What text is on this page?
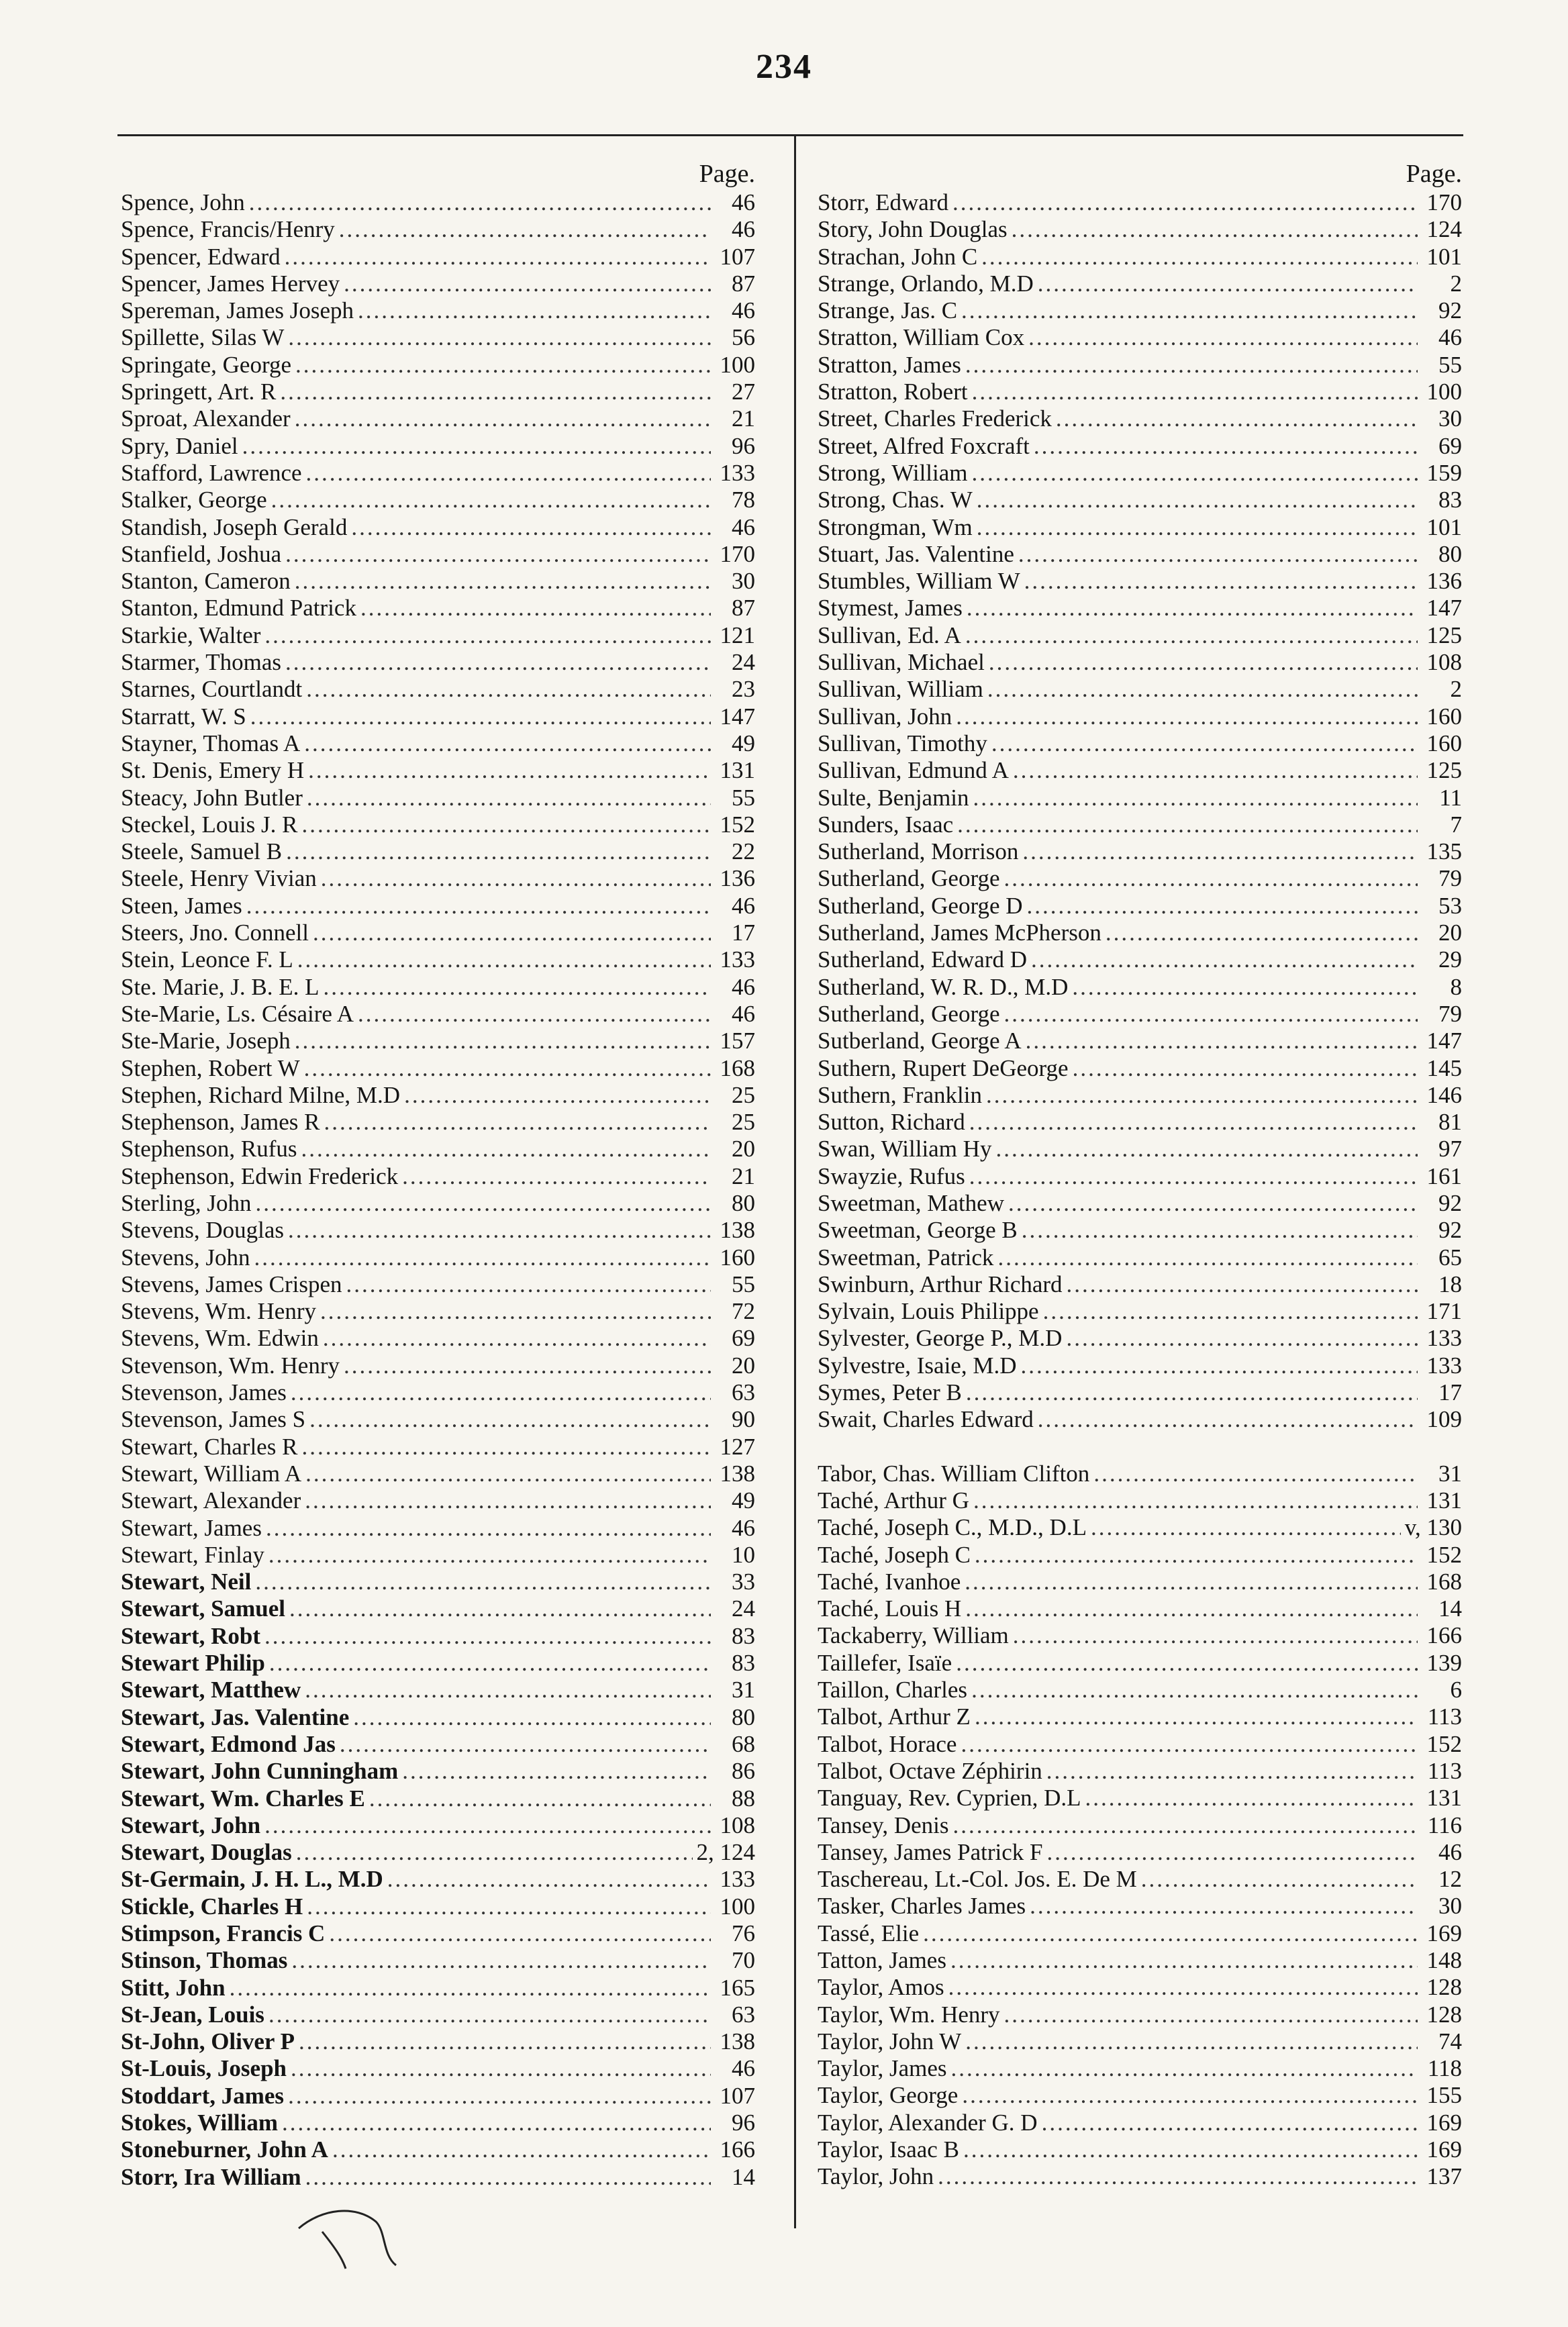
234
Page.
Spence, John .....	46
Spence, Francis/Henry .....	46
Spencer, Edward .....	107
Spencer, James Hervey .....	87
Spereman, James Joseph .....	46
Spillette, Silas W .....	56
Springate, George .....	100
Springett, Art. R .....	27
Sproat, Alexander .....	21
Spry, Daniel .....	96
Stafford, Lawrence .....	133
Stalker, George .....	78
Standish, Joseph Gerald .....	46
Stanfield, Joshua .....	170
Stanton, Cameron .....	30
Stanton, Edmund Patrick .....	87
Starkie, Walter .....	121
Starmer, Thomas .....	24
Starnes, Courtlandt .....	23
Starratt, W. S .....	147
Stayner, Thomas A .....	49
St. Denis, Emery H .....	131
Steacy, John Butler .....	55
Steckel, Louis J. R .....	152
Steele, Samuel B .....	22
Steele, Henry Vivian .....	136
Steen, James .....	46
Steers, Jno. Connell .....	17
Stein, Leonce F. L .....	133
Ste. Marie, J. B. E. L .....	46
Ste-Marie, Ls. Césaire A .....	46
Ste-Marie, Joseph .....	157
Stephen, Robert W .....	168
Stephen, Richard Milne, M.D .....	25
Stephenson, James R .....	25
Stephenson, Rufus .....	20
Stephenson, Edwin Frederick .....	21
Sterling, John .....	80
Stevens, Douglas .....	138
Stevens, John .....	160
Stevens, James Crispen .....	55
Stevens, Wm. Henry .....	72
Stevens, Wm. Edwin .....	69
Stevenson, Wm. Henry .....	20
Stevenson, James .....	63
Stevenson, James S .....	90
Stewart, Charles R .....	127
Stewart, William A .....	138
Stewart, Alexander .....	49
Stewart, James .....	46
Stewart, Finlay .....	10
Stewart, Neil .....	33
Stewart, Samuel .....	24
Stewart, Robt .....	83
Stewart Philip .....	83
Stewart, Matthew .....	31
Stewart, Jas. Valentine .....	80
Stewart, Edmond Jas .....	68
Stewart, John Cunningham .....	86
Stewart, Wm. Charles E .....	88
Stewart, John .....	108
Stewart, Douglas .....	2, 124
St-Germain, J. H. L., M.D .....	133
Stickle, Charles H .....	100
Stimpson, Francis C .....	76
Stinson, Thomas .....	70
Stitt, John .....	165
St-Jean, Louis .....	63
St-John, Oliver P .....	138
St-Louis, Joseph .....	46
Stoddart, James .....	107
Stokes, William .....	96
Stoneburner, John A .....	166
Storr, Ira William .....	14
Page.
Storr, Edward .....	170
Story, John Douglas .....	124
Strachan, John C .....	101
Strange, Orlando, M.D .....	2
Strange, Jas. C .....	92
Stratton, William Cox .....	46
Stratton, James .....	55
Stratton, Robert .....	100
Street, Charles Frederick .....	30
Street, Alfred Foxcraft .....	69
Strong, William .....	159
Strong, Chas. W .....	83
Strongman, Wm .....	101
Stuart, Jas. Valentine .....	80
Stumbles, William W .....	136
Stymest, James .....	147
Sullivan, Ed. A .....	125
Sullivan, Michael .....	108
Sullivan, William .....	2
Sullivan, John .....	160
Sullivan, Timothy .....	160
Sullivan, Edmund A .....	125
Sulte, Benjamin .....	11
Sunders, Isaac .....	7
Sutherland, Morrison .....	135
Sutherland, George .....	79
Sutherland, George D .....	53
Sutherland, James McPherson .....	20
Sutherland, Edward D .....	29
Sutherland, W. R. D., M.D .....	8
Sutherland, George .....	79
Sutberland, George A .....	147
Suthern, Rupert DeGeorge .....	145
Suthern, Franklin .....	146
Sutton, Richard .....	81
Swan, William Hy .....	97
Swayzie, Rufus .....	161
Sweetman, Mathew .....	92
Sweetman, George B .....	92
Sweetman, Patrick .....	65
Swinburn, Arthur Richard .....	18
Sylvain, Louis Philippe .....	171
Sylvester, George P., M.D .....	133
Sylvestre, Isaie, M.D .....	133
Symes, Peter B .....	17
Swait, Charles Edward .....	109
Tabor, Chas. William Clifton .....	31
Taché, Arthur G .....	131
Taché, Joseph C., M.D., D.L .....	v, 130
Taché, Joseph C .....	152
Taché, Ivanhoe .....	168
Taché, Louis H .....	14
Tackaberry, William .....	166
Taillefer, Isaïe .....	139
Taillon, Charles .....	6
Talbot, Arthur Z .....	113
Talbot, Horace .....	152
Talbot, Octave Zéphirin .....	113
Tanguay, Rev. Cyprien, D.L .....	131
Tansey, Denis .....	116
Tansey, James Patrick F .....	46
Taschereau, Lt.-Col. Jos. E. De M .....	12
Tasker, Charles James .....	30
Tassé, Elie .....	169
Tatton, James .....	148
Taylor, Amos .....	128
Taylor, Wm. Henry .....	128
Taylor, John W .....	74
Taylor, James .....	118
Taylor, George .....	155
Taylor, Alexander G. D .....	169
Taylor, Isaac B .....	169
Taylor, John .....	137
